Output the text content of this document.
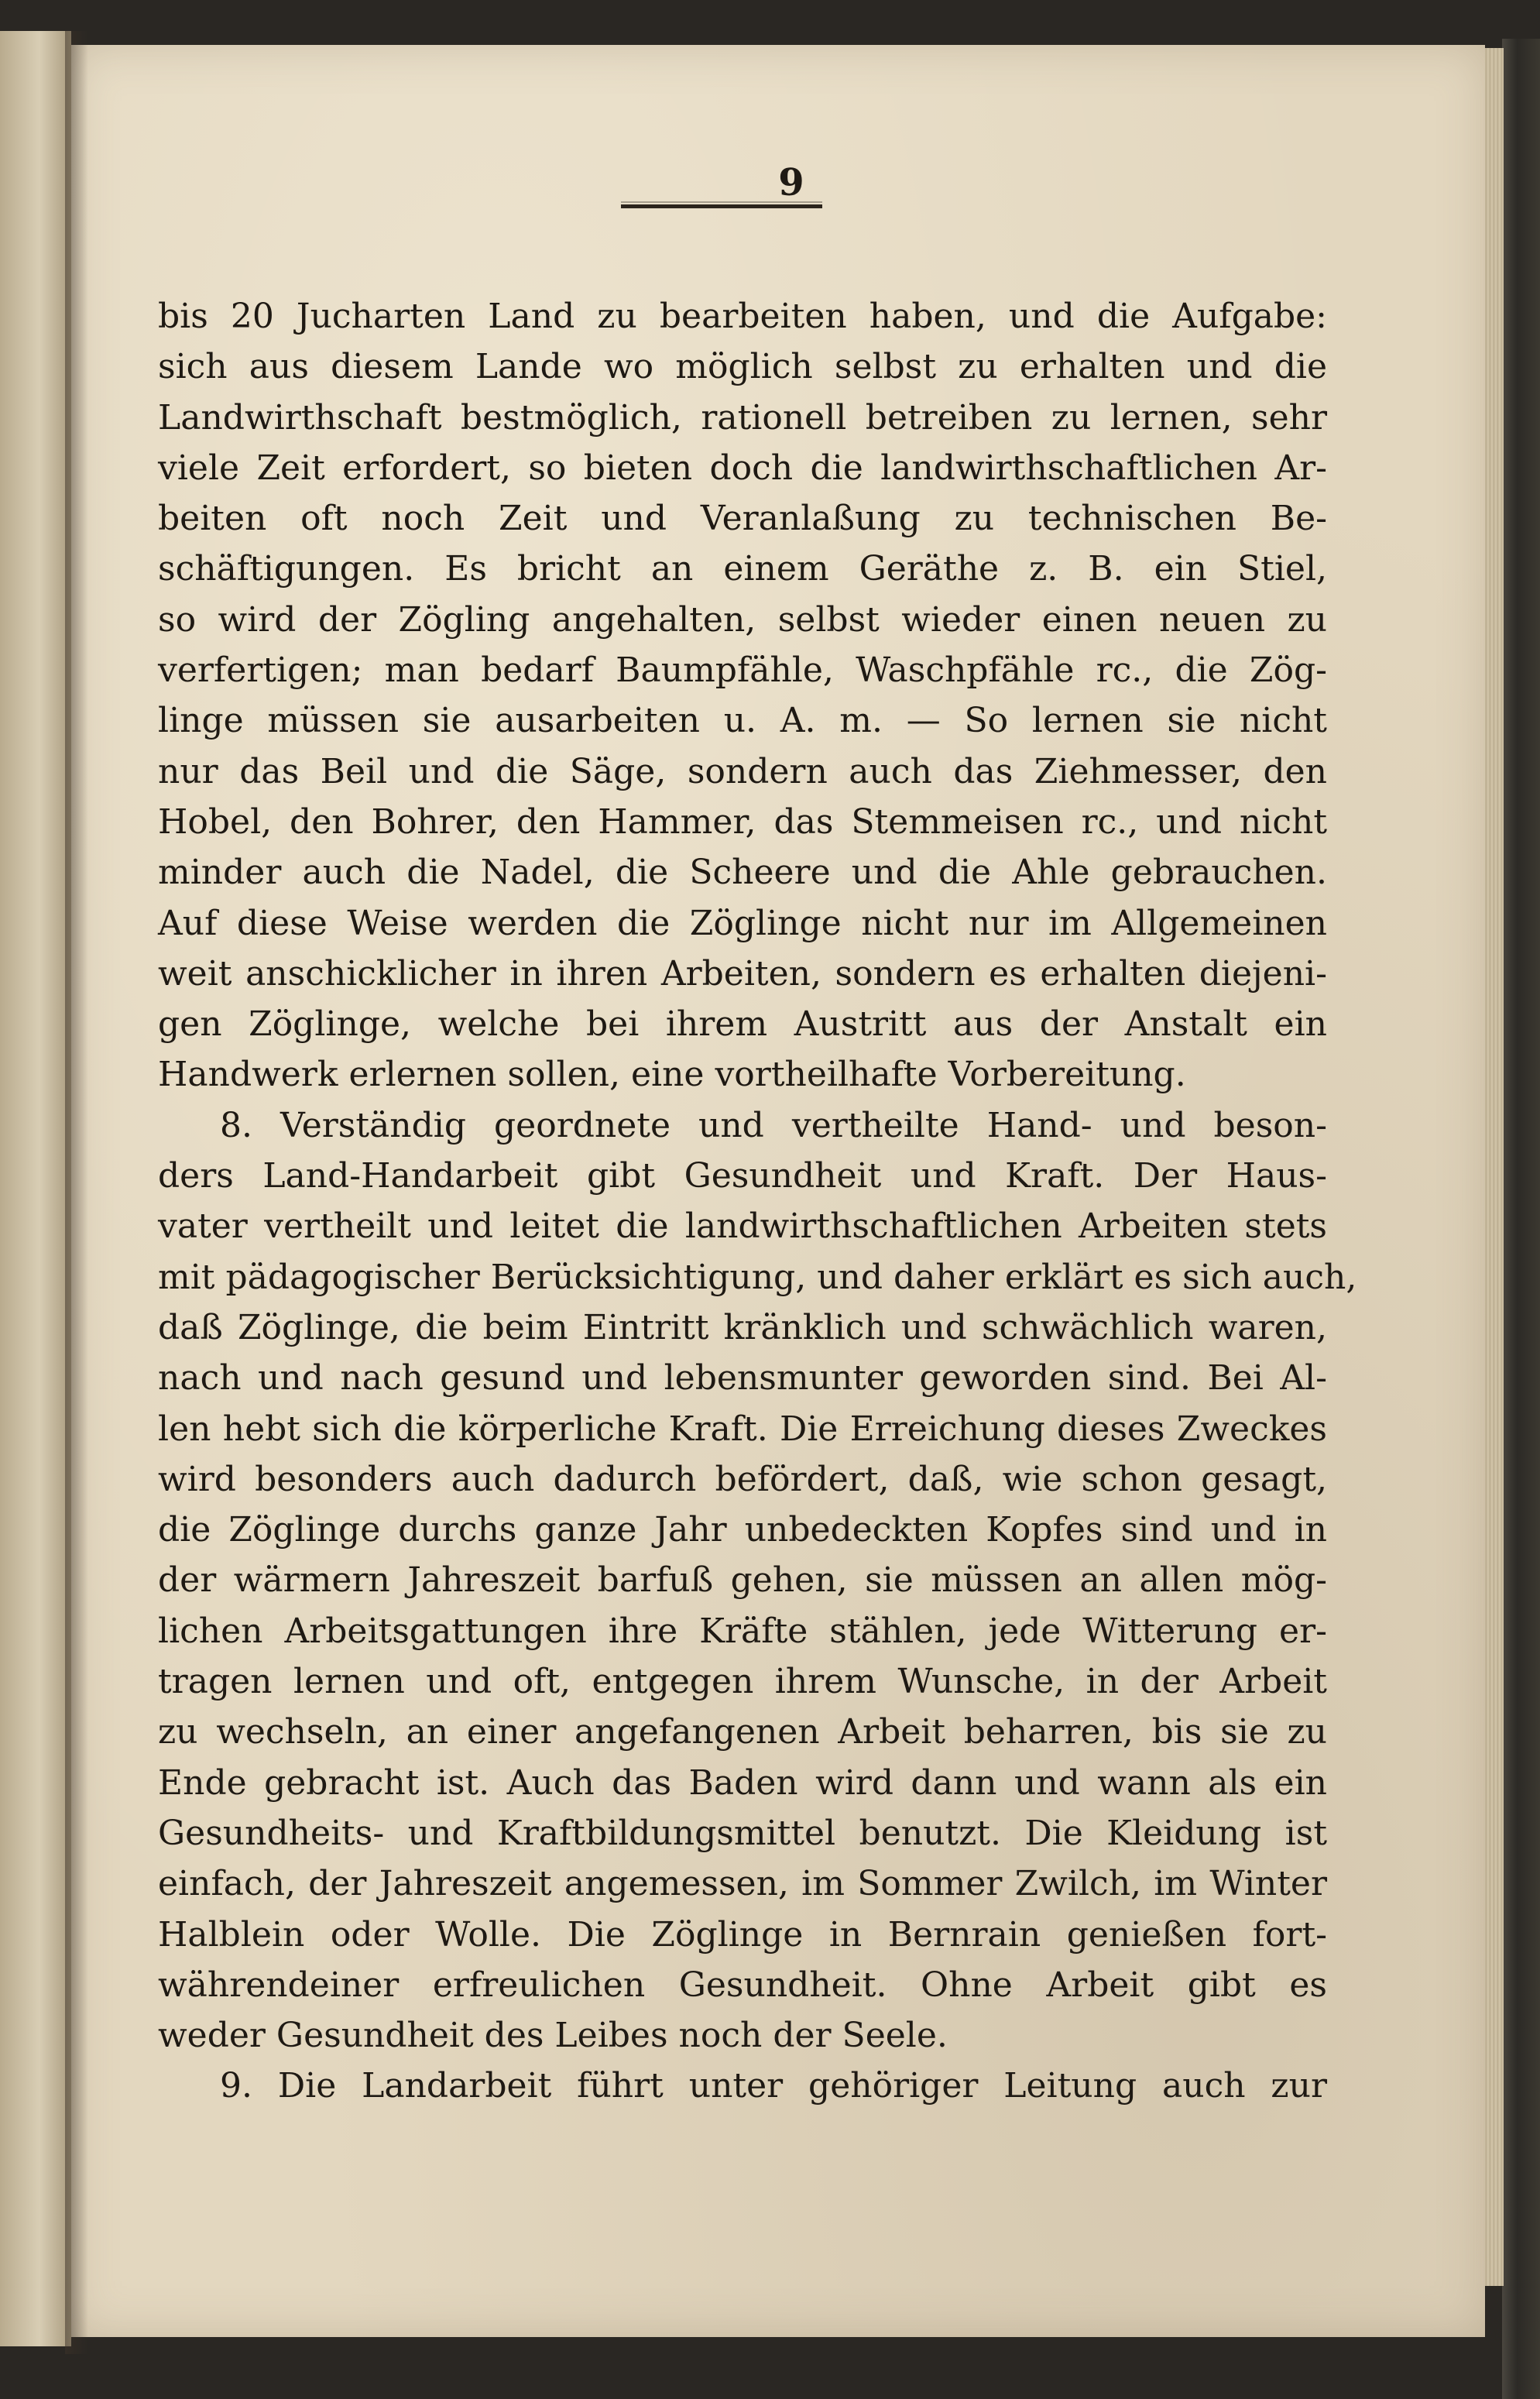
9
bis 20 Jucharten Land zu bearbeiten haben, und die Aufgabe:
sich aus diesem Lande wo möglich selbst zu erhalten und die
Landwirthschaft bestmöglich, rationell betreiben zu lernen, sehr
viele Zeit erfordert, so bieten doch die landwirthschaftlichen Ar-
beiten oft noch Zeit und Veranlaßung zu technischen Be-
schäftigungen. Es bricht an einem Geräthe z. B. ein Stiel,
so wird der Zögling angehalten, selbst wieder einen neuen zu
verfertigen; man bedarf Baumpfähle, Waschpfähle rc., die Zög-
linge müssen sie ausarbeiten u. A. m. — So lernen sie nicht
nur das Beil und die Säge, sondern auch das Ziehmesser, den
Hobel, den Bohrer, den Hammer, das Stemmeisen rc., und nicht
minder auch die Nadel, die Scheere und die Ahle gebrauchen.
Auf diese Weise werden die Zöglinge nicht nur im Allgemeinen
weit anschicklicher in ihren Arbeiten, sondern es erhalten diejeni-
gen Zöglinge, welche bei ihrem Austritt aus der Anstalt ein
Handwerk erlernen sollen, eine vortheilhafte Vorbereitung.
8. Verständig geordnete und vertheilte Hand- und beson-
ders Land-Handarbeit gibt Gesundheit und Kraft. Der Haus-
vater vertheilt und leitet die landwirthschaftlichen Arbeiten stets
mit pädagogischer Berücksichtigung, und daher erklärt es sich auch,
daß Zöglinge, die beim Eintritt kränklich und schwächlich waren,
nach und nach gesund und lebensmunter geworden sind. Bei Al-
len hebt sich die körperliche Kraft. Die Erreichung dieses Zweckes
wird besonders auch dadurch befördert, daß, wie schon gesagt,
die Zöglinge durchs ganze Jahr unbedeckten Kopfes sind und in
der wärmern Jahreszeit barfuß gehen, sie müssen an allen mög-
lichen Arbeitsgattungen ihre Kräfte stählen, jede Witterung er-
tragen lernen und oft, entgegen ihrem Wunsche, in der Arbeit
zu wechseln, an einer angefangenen Arbeit beharren, bis sie zu
Ende gebracht ist. Auch das Baden wird dann und wann als ein
Gesundheits- und Kraftbildungsmittel benutzt. Die Kleidung ist
einfach, der Jahreszeit angemessen, im Sommer Zwilch, im Winter
Halblein oder Wolle. Die Zöglinge in Bernrain genießen fort-
währendeiner erfreulichen Gesundheit. Ohne Arbeit gibt es
weder Gesundheit des Leibes noch der Seele.
9. Die Landarbeit führt unter gehöriger Leitung auch zur
